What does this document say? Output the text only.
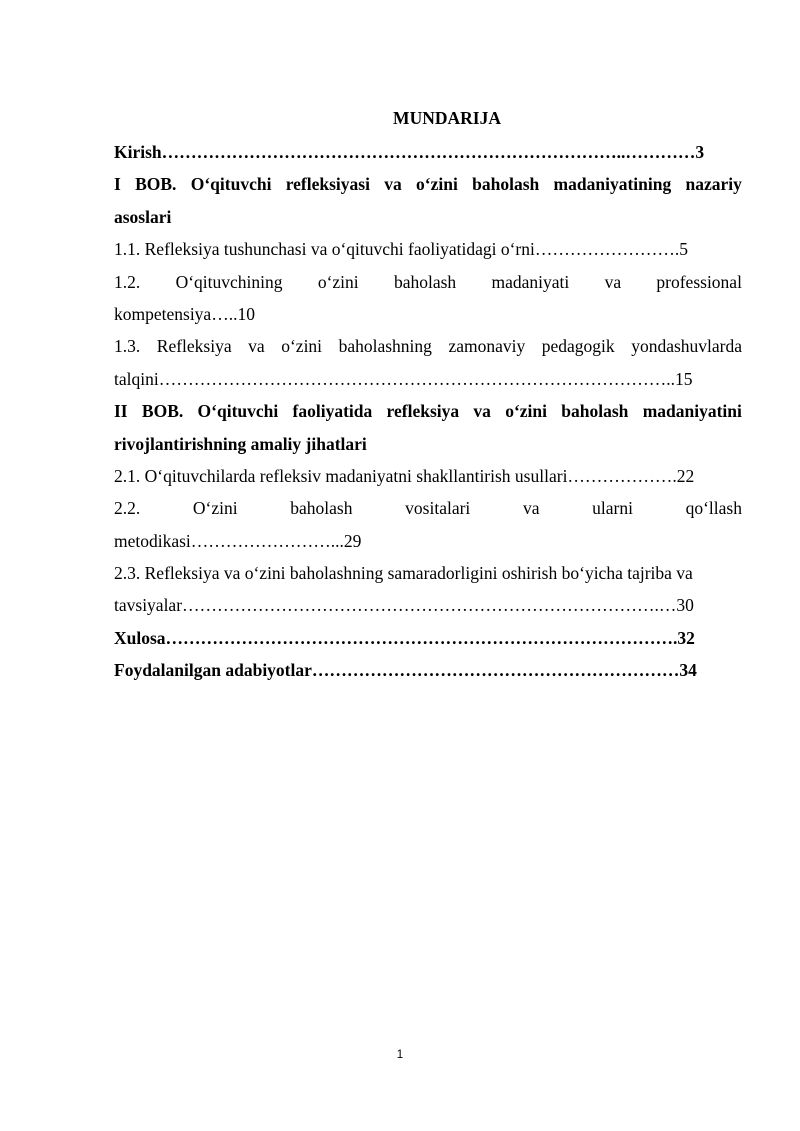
MUNDARIJA
Kirish……………………………………………………………………..…………3
I BOB. O‘qituvchi refleksiyasi va o‘zini baholash madaniyatining nazariy
asoslari
1.1. Refleksiya tushunchasi va o‘qituvchi faoliyatidagi o‘rni…………………….5
1.2. O‘qituvchining o‘zini baholash madaniyati va professional
kompetensiya…..10
1.3. Refleksiya va o‘zini baholashning zamonaviy pedagogik yondashuvlarda
talqini……………………………………………………………………………..15
II BOB. O‘qituvchi faoliyatida refleksiya va o‘zini baholash madaniyatini
rivojlantirishning amaliy jihatlari
2.1. O‘qituvchilarda refleksiv madaniyatni shakllantirish usullari……………….22
2.2.	O‘zini	baholash	vositalari	va	ularni	qo‘llash
metodikasi……………………...29
2.3. Refleksiya va o‘zini baholashning samaradorligini oshirish bo‘yicha tajriba va
tavsiyalar……………………………………………………………………….…30
Xulosa…………………………………………………………………………….32
Foydalanilgan adabiyotlar………………………………………………………34
1
